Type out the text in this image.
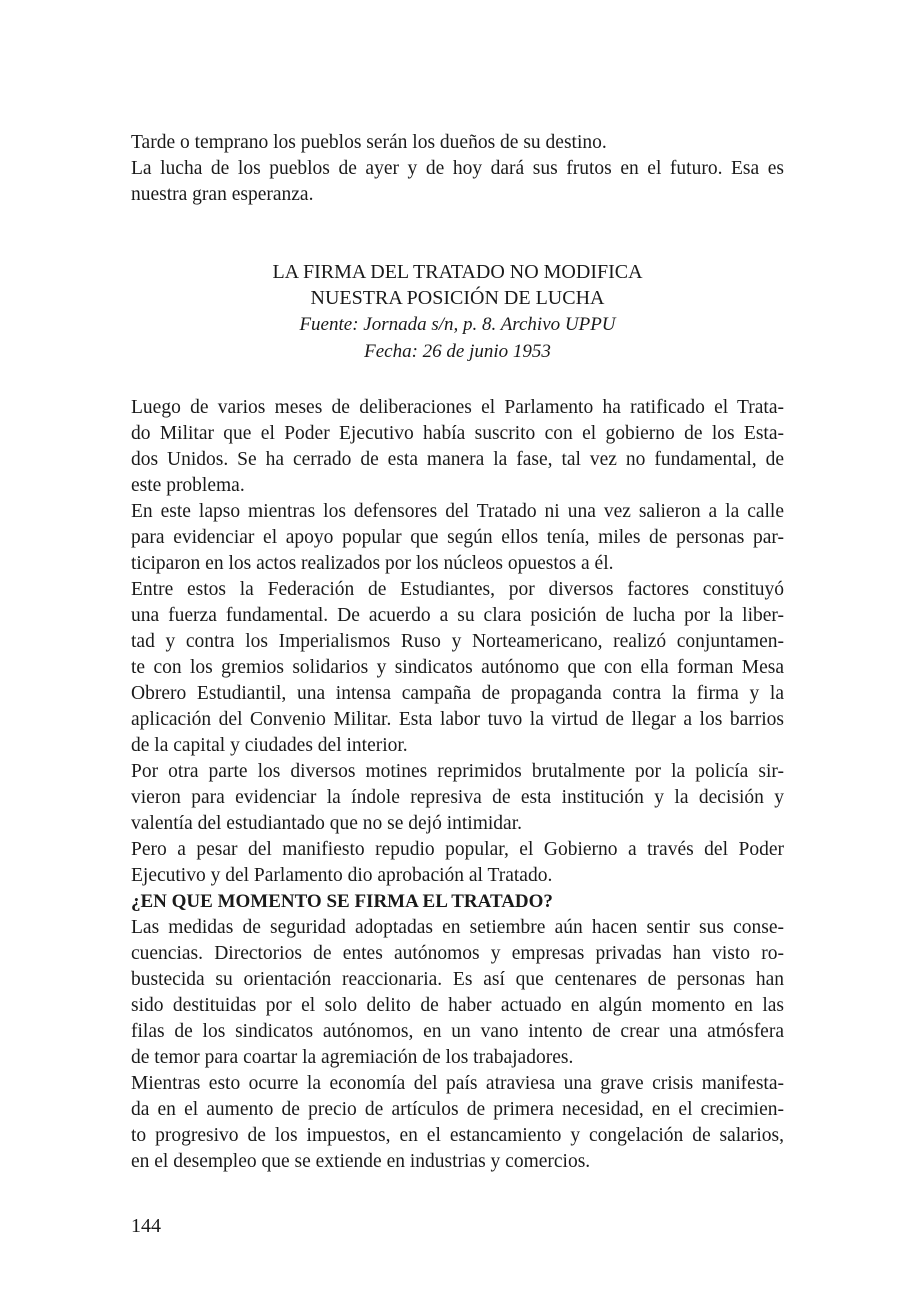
Tarde o temprano los pueblos serán los dueños de su destino.
La lucha de los pueblos de ayer y de hoy dará sus frutos en el futuro. Esa es
nuestra gran esperanza.
LA FIRMA DEL TRATADO NO MODIFICA
NUESTRA POSICIÓN DE LUCHA
Fuente: Jornada s/n, p. 8. Archivo UPPU
Fecha: 26 de junio 1953
Luego de varios meses de deliberaciones el Parlamento ha ratificado el Trata-
do Militar que el Poder Ejecutivo había suscrito con el gobierno de los Esta-
dos Unidos. Se ha cerrado de esta manera la fase, tal vez no fundamental, de
este problema.
En este lapso mientras los defensores del Tratado ni una vez salieron a la calle
para evidenciar el apoyo popular que según ellos tenía, miles de personas par-
ticiparon en los actos realizados por los núcleos opuestos a él.
Entre estos la Federación de Estudiantes, por diversos factores constituyó
una fuerza fundamental. De acuerdo a su clara posición de lucha por la liber-
tad y contra los Imperialismos Ruso y Norteamericano, realizó conjuntamen-
te con los gremios solidarios y sindicatos autónomo que con ella forman Mesa
Obrero Estudiantil, una intensa campaña de propaganda contra la firma y la
aplicación del Convenio Militar. Esta labor tuvo la virtud de llegar a los barrios
de la capital y ciudades del interior.
Por otra parte los diversos motines reprimidos brutalmente por la policía sir-
vieron para evidenciar la índole represiva de esta institución y la decisión y
valentía del estudiantado que no se dejó intimidar.
Pero a pesar del manifiesto repudio popular, el Gobierno a través del Poder
Ejecutivo y del Parlamento dio aprobación al Tratado.
¿EN QUE MOMENTO SE FIRMA EL TRATADO?
Las medidas de seguridad adoptadas en setiembre aún hacen sentir sus conse-
cuencias. Directorios de entes autónomos y empresas privadas han visto ro-
bustecida su orientación reaccionaria. Es así que centenares de personas han
sido destituidas por el solo delito de haber actuado en algún momento en las
filas de los sindicatos autónomos, en un vano intento de crear una atmósfera
de temor para coartar la agremiación de los trabajadores.
Mientras esto ocurre la economía del país atraviesa una grave crisis manifesta-
da en el aumento de precio de artículos de primera necesidad, en el crecimien-
to progresivo de los impuestos, en el estancamiento y congelación de salarios,
en el desempleo que se extiende en industrias y comercios.
144
